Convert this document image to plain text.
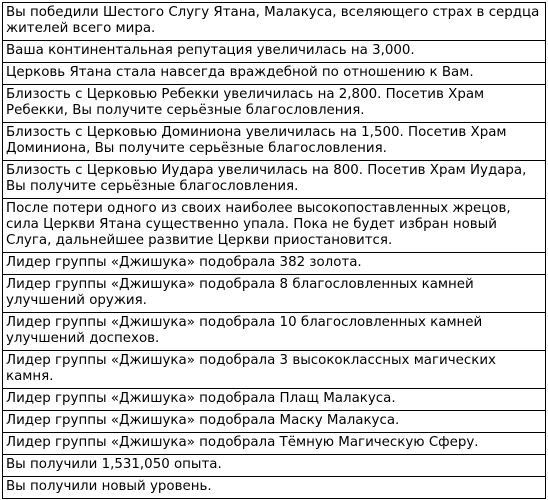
Вы победили Шестого Слугу Ятана, Малакуса, вселяющего страх в сердца жителей всего мира.
Ваша континентальная репутация увеличилась на 3,000.
Церковь Ятана стала навсегда враждебной по отношению к Вам.
Близость с Церковью Ребекки увеличилась на 2,800. Посетив Храм Ребекки, Вы получите серьёзные благословления.
Близость с Церковью Доминиона увеличилась на 1,500. Посетив Храм Доминиона, Вы получите серьёзные благословления.
Близость с Церковью Иудара увеличилась на 800. Посетив Храм Иудара, Вы получите серьёзные благословления.
После потери одного из своих наиболее высокопоставленных жрецов, сила Церкви Ятана существенно упала. Пока не будет избран новый Слуга, дальнейшее развитие Церкви приостановится.
Лидер группы «Джишука» подобрала 382 золота.
Лидер группы «Джишука» подобрала 8 благословленных камней улучшений оружия.
Лидер группы «Джишука» подобрала 10 благословленных камней улучшений доспехов.
Лидер группы «Джишука» подобрала 3 высококлассных магических камня.
Лидер группы «Джишука» подобрала Плащ Малакуса.
Лидер группы «Джишука» подобрала Маску Малакуса.
Лидер группы «Джишука» подобрала Тёмную Магическую Сферу.
Вы получили 1,531,050 опыта.
Вы получили новый уровень.
